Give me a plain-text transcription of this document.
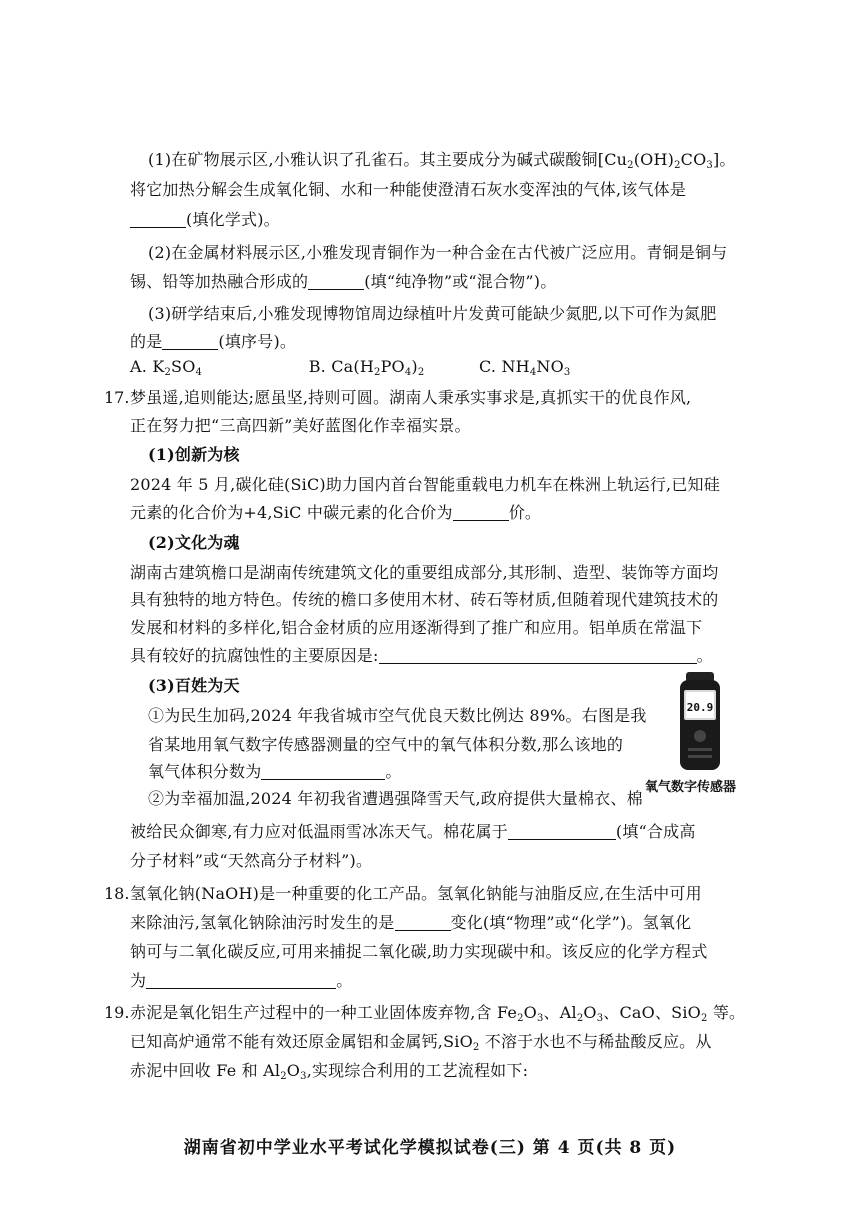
(1)在矿物展示区,小雅认识了孔雀石。其主要成分为碱式碳酸铜$[Cu_2(OH)_2CO_3]$。
将它加热分解会生成氧化铜、水和一种能使澄清石灰水变浑浊的气体,该气体是
(填化学式)。
(2)在金属材料展示区,小雅发现青铜作为一种合金在古代被广泛应用。青铜是铜与
锡、铅等加热融合形成的	(填“纯净物”或“混合物”)。
(3)研学结束后,小雅发现博物馆周边绿植叶片发黄可能缺少氮肥,以下可作为氮肥
的是	(填序号)。
A. $K_2SO_4$	B. $Ca(H_2PO_4)_2$	C. $NH_4NO_3$
17. 梦虽遥,追则能达;愿虽坚,持则可圆。湖南人秉承实事求是,真抓实干的优良作风,
正在努力把“三高四新”美好蓝图化作幸福实景。
(1)创新为核
2024 年 5 月,碳化硅(SiC)助力国内首台智能重载电力机车在株洲上轨运行,已知硅
元素的化合价为+4,SiC 中碳元素的化合价为	价。
(2)文化为魂
湖南古建筑檐口是湖南传统建筑文化的重要组成部分,其形制、造型、装饰等方面均
具有独特的地方特色。传统的檐口多使用木材、砖石等材质,但随着现代建筑技术的
发展和材料的多样化,铝合金材质的应用逐渐得到了推广和应用。铝单质在常温下
具有较好的抗腐蚀性的主要原因是:	。
(3)百姓为天
①为民生加码,2024 年我省城市空气优良天数比例达 89%。右图是我
省某地用氧气数字传感器测量的空气中的氧气体积分数,那么该地的
氧气体积分数为	。
②为幸福加温,2024 年初我省遭遇强降雪天气,政府提供大量棉衣、棉
被给民众御寒,有力应对低温雨雪冰冻天气。棉花属于	(填“合成高
分子材料”或“天然高分子材料”)。
20.9
氧气数字传感器
18. 氢氧化钠(NaOH)是一种重要的化工产品。氢氧化钠能与油脂反应,在生活中可用
来除油污,氢氧化钠除油污时发生的是	变化(填“物理”或“化学”)。氢氧化
钠可与二氧化碳反应,可用来捕捉二氧化碳,助力实现碳中和。该反应的化学方程式
为	。
19. 赤泥是氧化铝生产过程中的一种工业固体废弃物,含 $Fe_2O_3$、$Al_2O_3$、CaO、SiO$_2$ 等。
已知高炉通常不能有效还原金属铝和金属钙,SiO$_2$ 不溶于水也不与稀盐酸反应。从
赤泥中回收 Fe 和 $Al_2O_3$,实现综合利用的工艺流程如下:
湖南省初中学业水平考试化学模拟试卷(三) 第 4 页(共 8 页)
